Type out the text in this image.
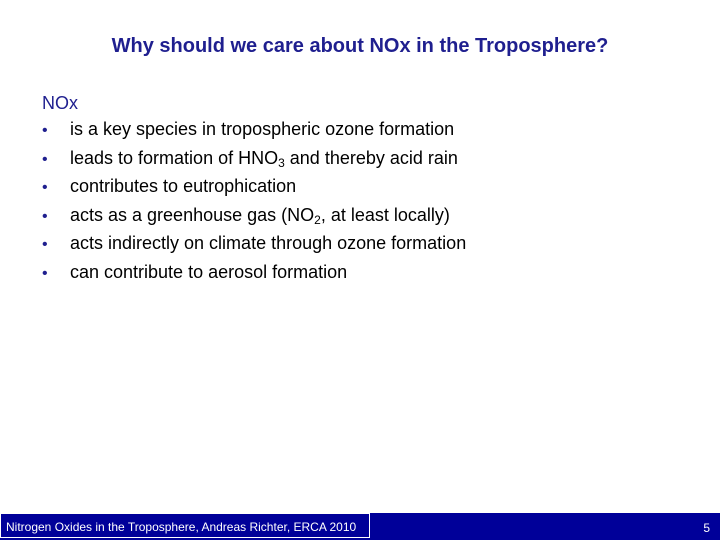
Why should we care about NOx in the Troposphere?
NOx
•	is a key species in tropospheric ozone formation
•	leads to formation of $HNO_3$ and thereby acid rain
•	contributes to eutrophication
•	acts as a greenhouse gas ($NO_2$, at least locally)
•	acts indirectly on climate through ozone formation
•	can contribute to aerosol formation
Nitrogen Oxides in the Troposphere, Andreas Richter, ERCA 2010	5
